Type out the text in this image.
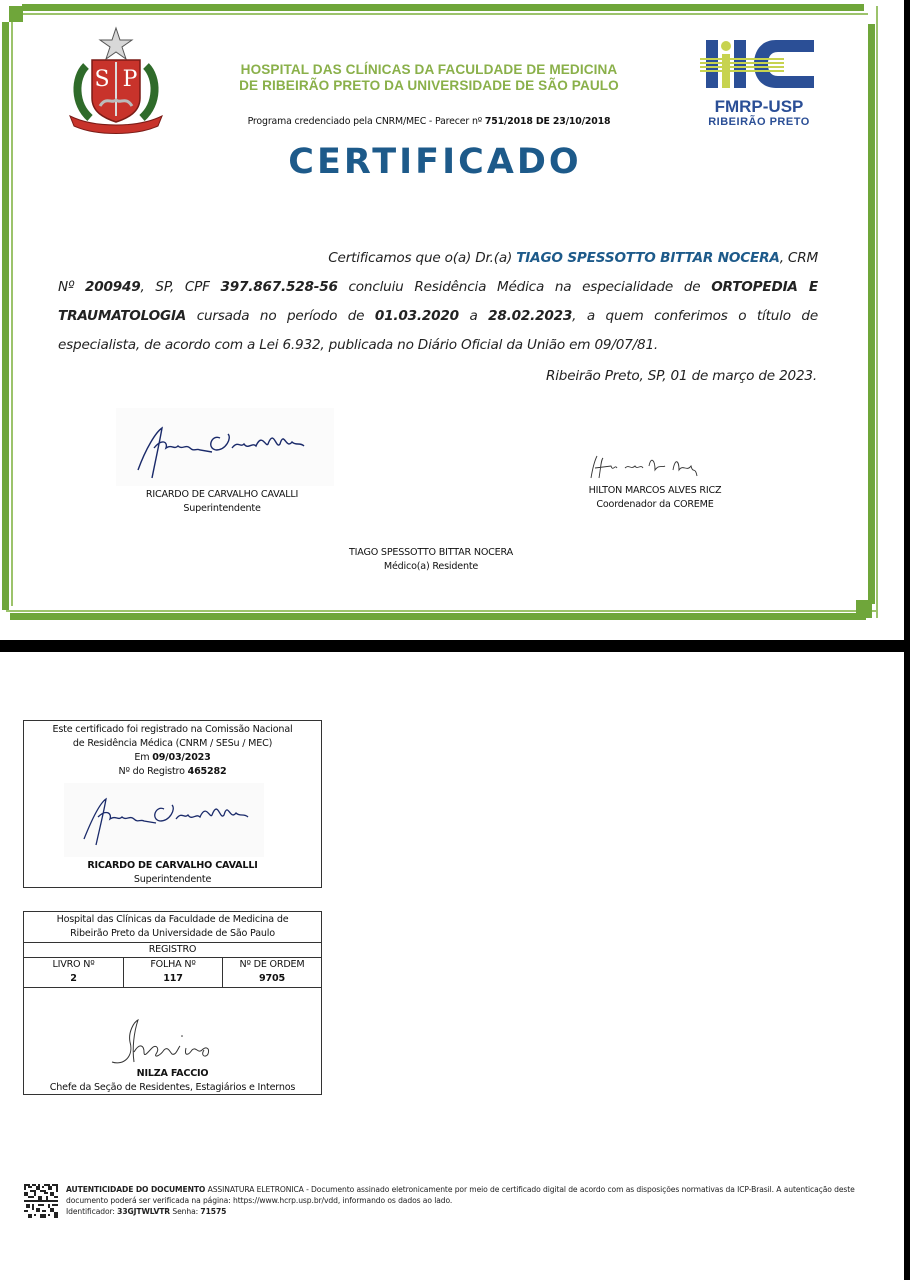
S P
FMRP-USP
RIBEIRÃO PRETO
HOSPITAL DAS CLÍNICAS DA FACULDADE DE MEDICINA
DE RIBEIRÃO PRETO DA UNIVERSIDADE DE SÃO PAULO
Programa credenciado pela CNRM/MEC - Parecer nº 751/2018 DE 23/10/2018
CERTIFICADO
Certificamos que o(a) Dr.(a) TIAGO SPESSOTTO BITTAR NOCERA, CRM
Nº 200949, SP, CPF 397.867.528-56 concluiu Residência Médica na especialidade de ORTOPEDIA E TRAUMATOLOGIA cursada no período de 01.03.2020 a 28.02.2023, a quem conferimos o título de especialista, de acordo com a Lei 6.932, publicada no Diário Oficial da União em 09/07/81.
Ribeirão Preto, SP, 01 de março de 2023.
RICARDO DE CARVALHO CAVALLI
Superintendente
HILTON MARCOS ALVES RICZ
Coordenador da COREME
TIAGO SPESSOTTO BITTAR NOCERA
Médico(a) Residente
Este certificado foi registrado na Comissão Nacional
de Residência Médica (CNRM / SESu / MEC)
Em 09/03/2023
Nº do Registro 465282
RICARDO DE CARVALHO CAVALLI
Superintendente
Hospital das Clínicas da Faculdade de Medicina de
Ribeirão Preto da Universidade de São Paulo
REGISTRO
LIVRO Nº
2
FOLHA Nº
117
Nº DE ORDEM
9705
NILZA FACCIO
Chefe da Seção de Residentes, Estagiários e Internos
AUTENTICIDADE DO DOCUMENTO ASSINATURA ELETRONICA - Documento assinado eletronicamente por meio de certificado digital de acordo com as disposições normativas da ICP-Brasil. A autenticação deste documento poderá ser verificada na página: https://www.hcrp.usp.br/vdd, informando os dados ao lado.
Identificador: 33GJTWLVTR Senha: 71575
